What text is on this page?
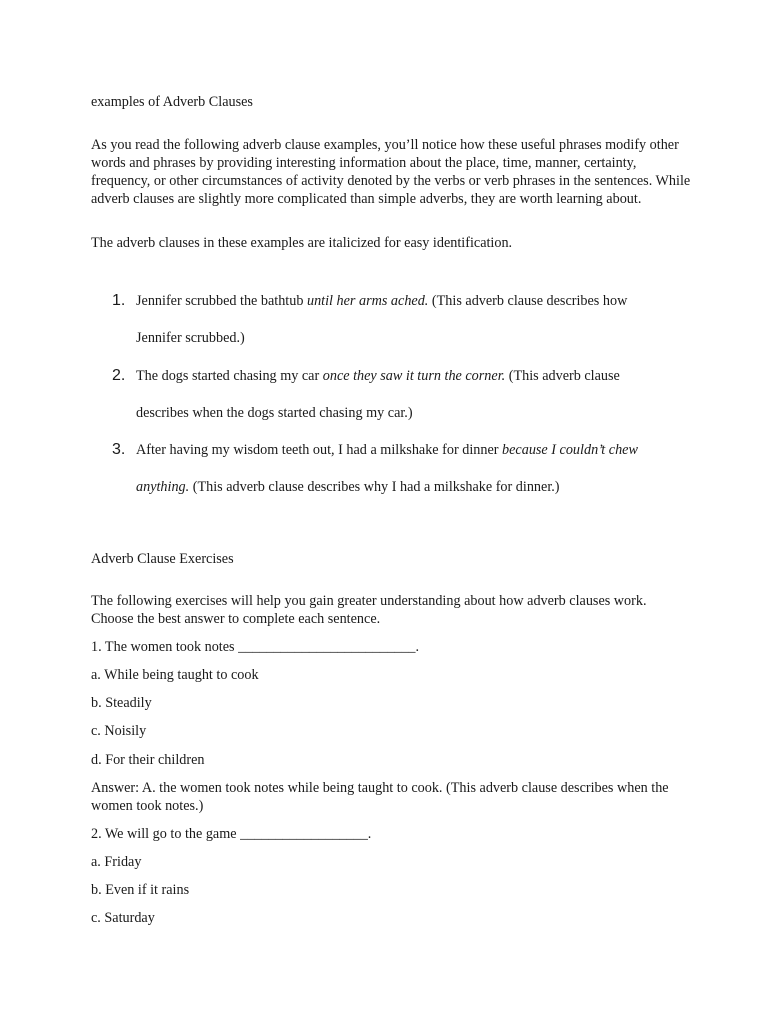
examples of Adverb Clauses

As you read the following adverb clause examples, you’ll notice how these useful phrases modify other words and phrases by providing interesting information about the place, time, manner, certainty, frequency, or other circumstances of activity denoted by the verbs or verb phrases in the sentences. While adverb clauses are slightly more complicated than simple adverbs, they are worth learning about.

The adverb clauses in these examples are italicized for easy identification.

1. Jennifer scrubbed the bathtub until her arms ached. (This adverb clause describes how
Jennifer scrubbed.)
2. The dogs started chasing my car once they saw it turn the corner. (This adverb clause
describes when the dogs started chasing my car.)
3. After having my wisdom teeth out, I had a milkshake for dinner because I couldn’t chew
anything. (This adverb clause describes why I had a milkshake for dinner.)
Adverb Clause Exercises

The following exercises will help you gain greater understanding about how adverb clauses work. Choose the best answer to complete each sentence.

1. The women took notes _________________________.

a. While being taught to cook

b. Steadily

c. Noisily

d. For their children

Answer: A. the women took notes while being taught to cook. (This adverb clause describes when the women took notes.)

2. We will go to the game __________________.

a. Friday

b. Even if it rains

c. Saturday
